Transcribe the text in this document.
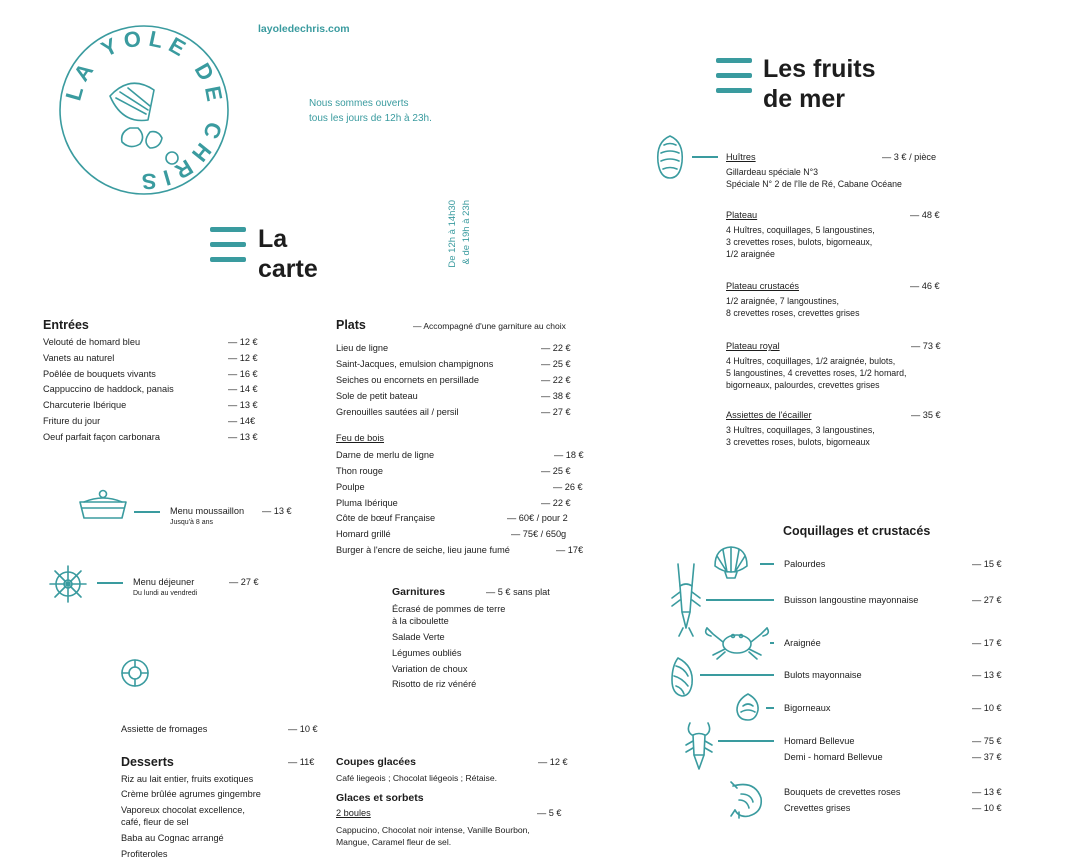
LA YOLE DE CHRIS
layoledechris.com
Nous sommes ouverts
tous les jours de 12h à 23h.
De 12h à 14h30 & de 19h à 23h
La
carte
Entrées
Velouté de homard bleu	— 12 €
Vanets au naturel	— 12 €
Poêlée de bouquets vivants	— 16 €
Cappuccino de haddock, panais	— 14 €
Charcuterie Ibérique	— 13 €
Friture du jour	— 14€
Oeuf parfait façon carbonara	— 13 €
Plats	— Accompagné d'une garniture au choix
Lieu de ligne	— 22 €
Saint-Jacques, emulsion champignons	— 25 €
Seiches ou encornets en persillade	— 22 €
Sole de petit bateau	— 38 €
Grenouilles sautées ail / persil	— 27 €
Feu de bois
Darne de merlu de ligne	— 18 €
Thon rouge	— 25 €
Poulpe	— 26 €
Pluma Ibérique	— 22 €
Côte de bœuf Française	— 60€ / pour 2
Homard grillé	— 75€ / 650g
Burger à l'encre de seiche, lieu jaune fumé	— 17€
Menu moussaillon — 13 €
Jusqu'à 8 ans
Menu déjeuner	— 27 €
Du lundi au vendredi	Garnitures	— 5 € sans plat
Écrasé de pommes de terre
à la ciboulette
Salade Verte
Légumes oubliés
Variation de choux
Risotto de riz vénéré
Assiette de fromages	— 10 €
Desserts	— 11€
Riz au lait entier, fruits exotiques
Crème brûlée agrumes gingembre
Vaporeux chocolat excellence,
café, fleur de sel
Baba au Cognac arrangé
Profiteroles
Coupes glacées	— 12 €
Café liegeois ; Chocolat liégeois ; Rétaise.
Glaces et sorbets
2 boules	— 5 €
Cappucino, Chocolat noir intense, Vanille Bourbon,
Mangue, Caramel fleur de sel.
Les fruits
de mer
Huîtres	— 3 € / pièce
Gillardeau spéciale N°3
Spéciale N° 2 de l'île de Ré, Cabane Océane
Plateau	— 48 €
4 Huîtres, coquillages, 5 langoustines,
3 crevettes roses, bulots, bigorneaux,
1/2 araignée
Plateau crustacés	— 46 €
1/2 araignée, 7 langoustines,
8 crevettes roses, crevettes grises
Plateau royal	— 73 €
4 Huîtres, coquillages, 1/2 araignée, bulots,
5 langoustines, 4 crevettes roses, 1/2 homard,
bigorneaux, palourdes, crevettes grises
Assiettes de l'écailler	— 35 €
3 Huîtres, coquillages, 3 langoustines,
3 crevettes roses, bulots, bigorneaux
Coquillages et crustacés
Palourdes	— 15 €
Buisson langoustine mayonnaise	— 27 €
Araignée	— 17 €
Bulots mayonnaise	— 13 €
Bigorneaux	— 10 €
Homard Bellevue	— 75 €
Demi - homard Bellevue	— 37 €
Bouquets de crevettes roses	— 13 €
Crevettes grises	— 10 €
